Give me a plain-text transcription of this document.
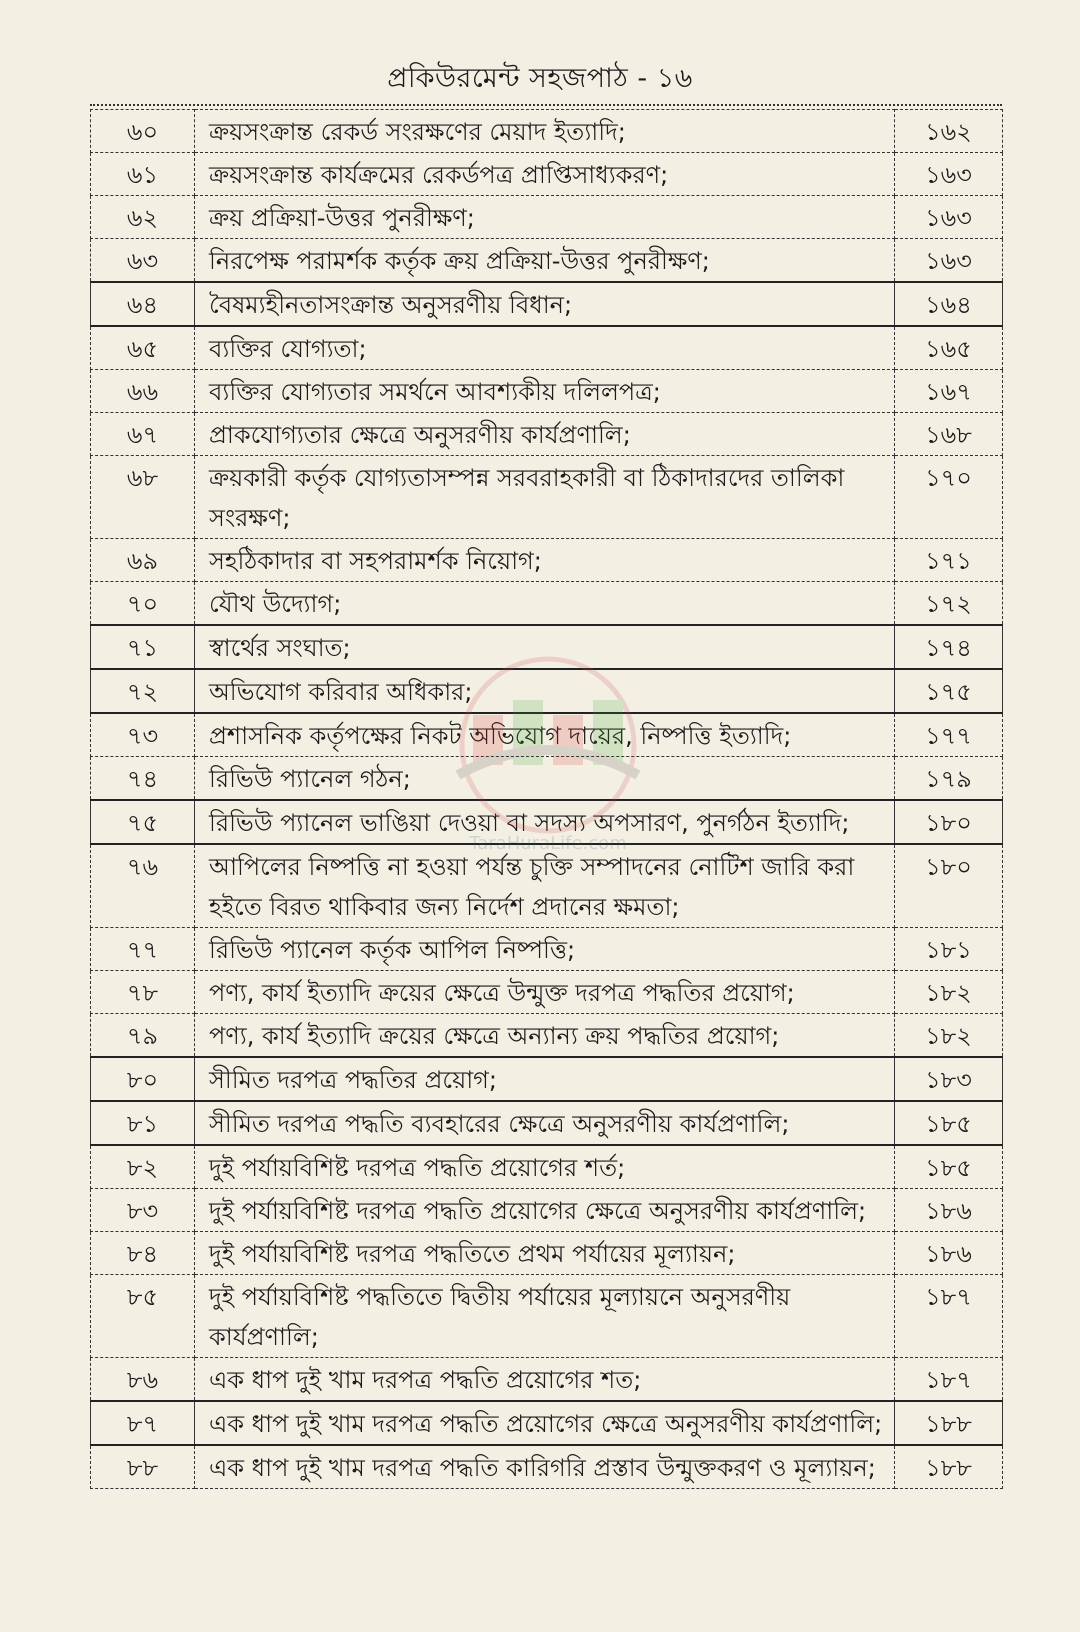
প্রকিউরমেন্ট সহজপাঠ - ১৬
৬০	ক্রয়সংক্রান্ত রেকর্ড সংরক্ষণের মেয়াদ ইত্যাদি;	১৬২
৬১	ক্রয়সংক্রান্ত কার্যক্রমের রেকর্ডপত্র প্রাপ্তিসাধ্যকরণ;	১৬৩
৬২	ক্রয় প্রক্রিয়া-উত্তর পুনরীক্ষণ;	১৬৩
৬৩	নিরপেক্ষ পরামর্শক কর্তৃক ক্রয় প্রক্রিয়া-উত্তর পুনরীক্ষণ;	১৬৩
৬৪	বৈষম্যহীনতাসংক্রান্ত অনুসরণীয় বিধান;	১৬৪
৬৫	ব্যক্তির যোগ্যতা;	১৬৫
৬৬	ব্যক্তির যোগ্যতার সমর্থনে আবশ্যকীয় দলিলপত্র;	১৬৭
৬৭	প্রাকযোগ্যতার ক্ষেত্রে অনুসরণীয় কার্যপ্রণালি;	১৬৮
৬৮	ক্রয়কারী কর্তৃক যোগ্যতাসম্পন্ন সরবরাহকারী বা ঠিকাদারদের তালিকা সংরক্ষণ;	১৭০
৬৯	সহঠিকাদার বা সহপরামর্শক নিয়োগ;	১৭১
৭০	যৌথ উদ্যোগ;	১৭২
৭১	স্বার্থের সংঘাত;	১৭৪
৭২	অভিযোগ করিবার অধিকার;	১৭৫
৭৩	প্রশাসনিক কর্তৃপক্ষের নিকট অভিযোগ দায়ের, নিষ্পত্তি ইত্যাদি;	১৭৭
৭৪	রিভিউ প্যানেল গঠন;	১৭৯
৭৫	রিভিউ প্যানেল ভাঙিয়া দেওয়া বা সদস্য অপসারণ, পুনর্গঠন ইত্যাদি;	১৮০
৭৬	আপিলের নিষ্পত্তি না হওয়া পর্যন্ত চুক্তি সম্পাদনের নোটিশ জারি করা হইতে বিরত থাকিবার জন্য নির্দেশ প্রদানের ক্ষমতা;	১৮০
৭৭	রিভিউ প্যানেল কর্তৃক আপিল নিষ্পত্তি;	১৮১
৭৮	পণ্য, কার্য ইত্যাদি ক্রয়ের ক্ষেত্রে উন্মুক্ত দরপত্র পদ্ধতির প্রয়োগ;	১৮২
৭৯	পণ্য, কার্য ইত্যাদি ক্রয়ের ক্ষেত্রে অন্যান্য ক্রয় পদ্ধতির প্রয়োগ;	১৮২
৮০	সীমিত দরপত্র পদ্ধতির প্রয়োগ;	১৮৩
৮১	সীমিত দরপত্র পদ্ধতি ব্যবহারের ক্ষেত্রে অনুসরণীয় কার্যপ্রণালি;	১৮৫
৮২	দুই পর্যায়বিশিষ্ট দরপত্র পদ্ধতি প্রয়োগের শর্ত;	১৮৫
৮৩	দুই পর্যায়বিশিষ্ট দরপত্র পদ্ধতি প্রয়োগের ক্ষেত্রে অনুসরণীয় কার্যপ্রণালি;	১৮৬
৮৪	দুই পর্যায়বিশিষ্ট দরপত্র পদ্ধতিতে প্রথম পর্যায়ের মূল্যায়ন;	১৮৬
৮৫	দুই পর্যায়বিশিষ্ট পদ্ধতিতে দ্বিতীয় পর্যায়ের মূল্যায়নে অনুসরণীয় কার্যপ্রণালি;	১৮৭
৮৬	এক ধাপ দুই খাম দরপত্র পদ্ধতি প্রয়োগের শত;	১৮৭
৮৭	এক ধাপ দুই খাম দরপত্র পদ্ধতি প্রয়োগের ক্ষেত্রে অনুসরণীয় কার্যপ্রণালি;	১৮৮
৮৮	এক ধাপ দুই খাম দরপত্র পদ্ধতি কারিগরি প্রস্তাব উন্মুক্তকরণ ও মূল্যায়ন;	১৮৮
TaraHuraLife.com
